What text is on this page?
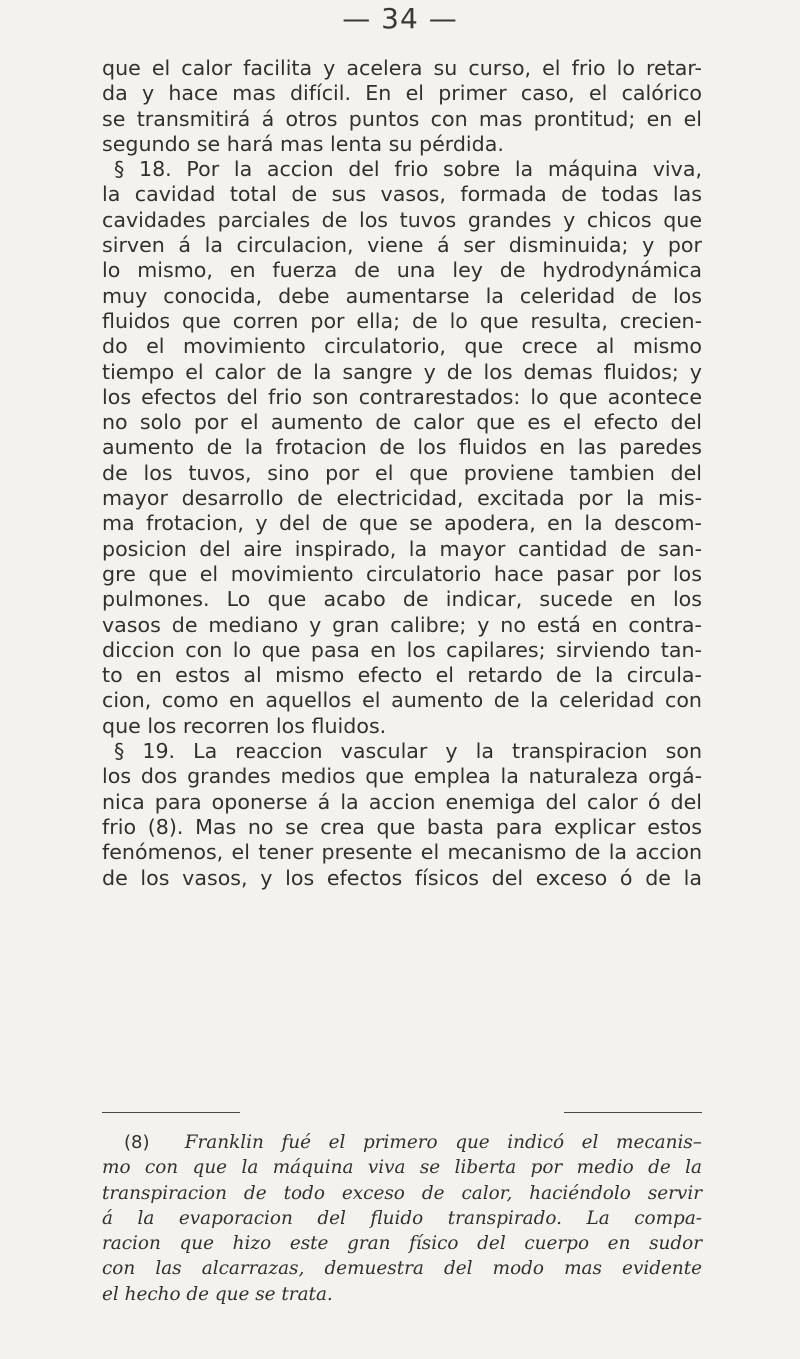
— 34 —
que el calor facilita y acelera su curso, el frio lo retar-
da y hace mas difícil. En el primer caso, el calórico
se transmitirá á otros puntos con mas prontitud; en el
segundo se hará mas lenta su pérdida.
§ 18. Por la accion del frio sobre la máquina viva,
la cavidad total de sus vasos, formada de todas las
cavidades parciales de los tuvos grandes y chicos que
sirven á la circulacion, viene á ser disminuida; y por
lo mismo, en fuerza de una ley de hydrodynámica
muy conocida, debe aumentarse la celeridad de los
fluidos que corren por ella; de lo que resulta, crecien-
do el movimiento circulatorio, que crece al mismo
tiempo el calor de la sangre y de los demas fluidos; y
los efectos del frio son contrarestados: lo que acontece
no solo por el aumento de calor que es el efecto del
aumento de la frotacion de los fluidos en las paredes
de los tuvos, sino por el que proviene tambien del
mayor desarrollo de electricidad, excitada por la mis-
ma frotacion, y del de que se apodera, en la descom-
posicion del aire inspirado, la mayor cantidad de san-
gre que el movimiento circulatorio hace pasar por los
pulmones. Lo que acabo de indicar, sucede en los
vasos de mediano y gran calibre; y no está en contra-
diccion con lo que pasa en los capilares; sirviendo tan-
to en estos al mismo efecto el retardo de la circula-
cion, como en aquellos el aumento de la celeridad con
que los recorren los fluidos.
§ 19. La reaccion vascular y la transpiracion son
los dos grandes medios que emplea la naturaleza orgá-
nica para oponerse á la accion enemiga del calor ó del
frio (8). Mas no se crea que basta para explicar estos
fenómenos, el tener presente el mecanismo de la accion
de los vasos, y los efectos físicos del exceso ó de la
(8) Franklin fué el primero que indicó el mecanis–
mo con que la máquina viva se liberta por medio de la
transpiracion de todo exceso de calor, haciéndolo servir
á la evaporacion del fluido transpirado. La compa-
racion que hizo este gran físico del cuerpo en sudor
con las alcarrazas, demuestra del modo mas evidente
el hecho de que se trata.
